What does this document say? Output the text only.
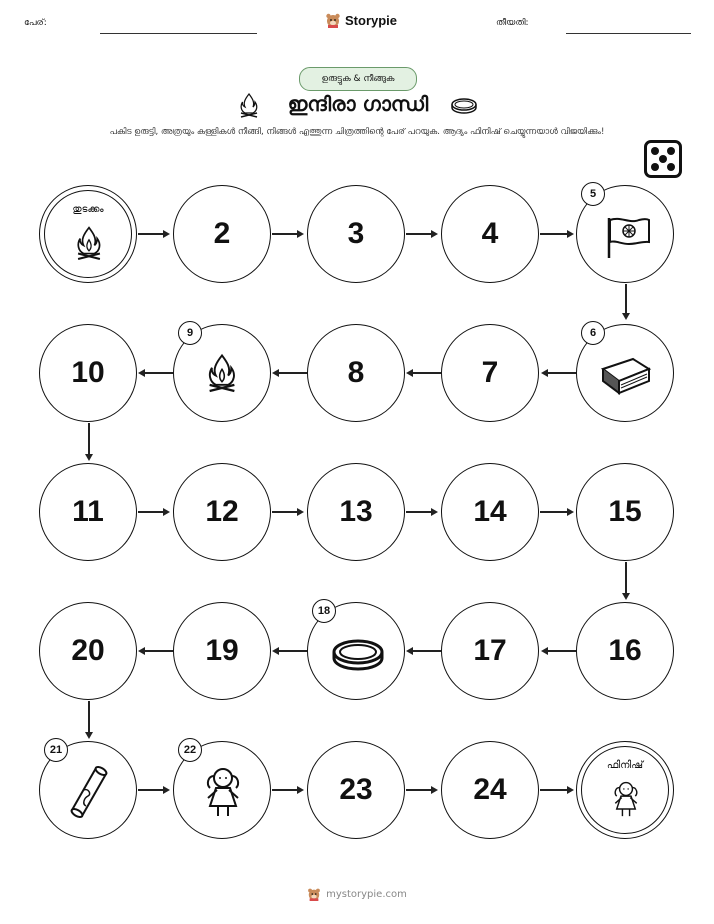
പേര്:	Storypie	തീയതി:
ഉരുട്ടുക & നീങ്ങുക
ഇന്ദിരാ ഗാന്ധി
പകിട ഉരുട്ടി, അത്രയും കള്ളികൾ നീങ്ങി, നിങ്ങൾ എത്തുന്ന ചിത്രത്തിന്റെ പേര് പറയുക. ആദ്യം ഫിനിഷ് ചെയ്യുന്നയാൾ വിജയിക്കും!
തുടക്കം
2	3	4
5
10
9
8	7
6
11	12	13	14	15
20	19
18
17	16
21	22
23	24
ഫിനിഷ്
mystorypie.com
